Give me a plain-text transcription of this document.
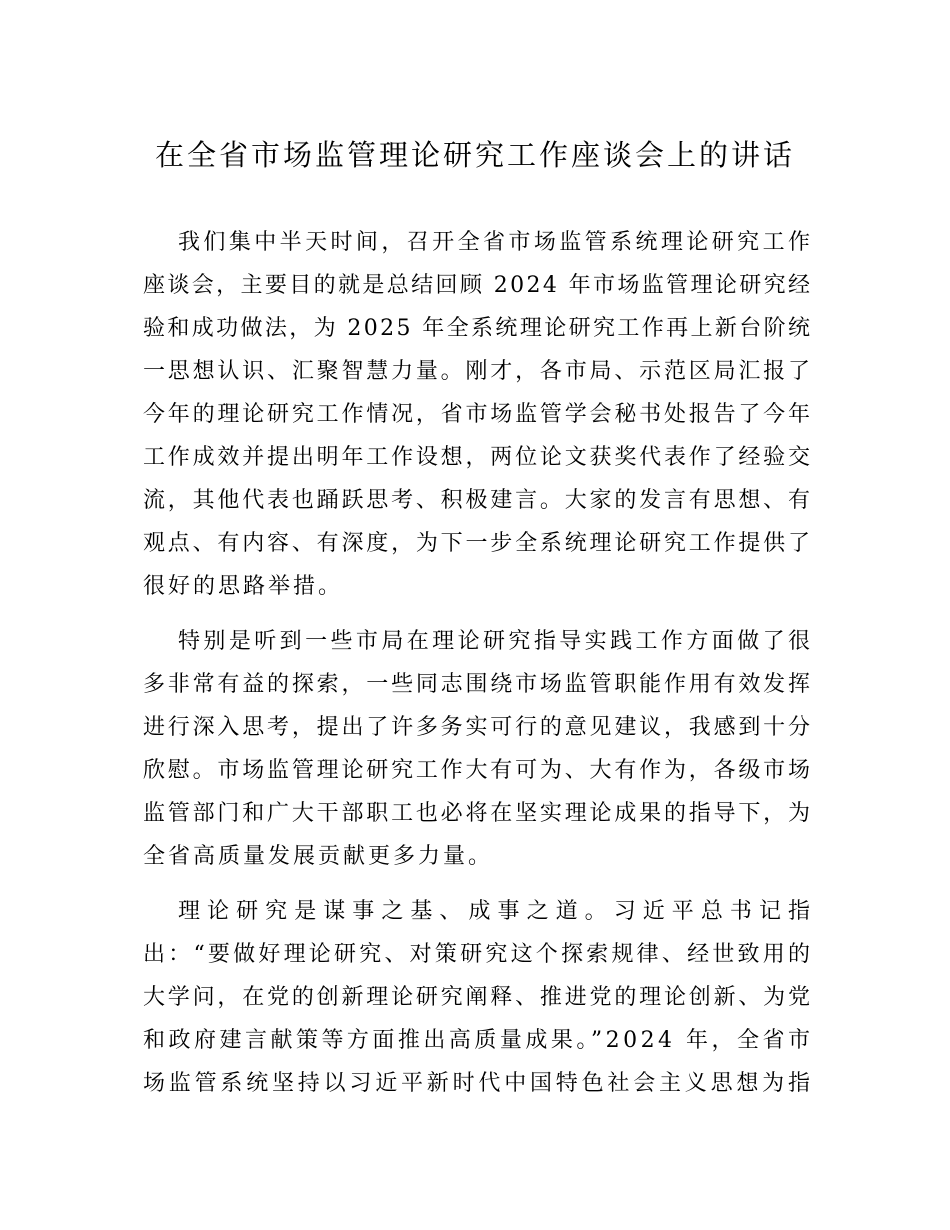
在全省市场监管理论研究工作座谈会上的讲话
我们集中半天时间，召开全省市场监管系统理论研究工作
座谈会，主要目的就是总结回顾 2024 年市场监管理论研究经
验和成功做法，为 2025 年全系统理论研究工作再上新台阶统
一思想认识、汇聚智慧力量。刚才，各市局、示范区局汇报了
今年的理论研究工作情况，省市场监管学会秘书处报告了今年
工作成效并提出明年工作设想，两位论文获奖代表作了经验交
流，其他代表也踊跃思考、积极建言。大家的发言有思想、有
观点、有内容、有深度，为下一步全系统理论研究工作提供了
很好的思路举措。
特别是听到一些市局在理论研究指导实践工作方面做了很
多非常有益的探索，一些同志围绕市场监管职能作用有效发挥
进行深入思考，提出了许多务实可行的意见建议，我感到十分
欣慰。市场监管理论研究工作大有可为、大有作为，各级市场
监管部门和广大干部职工也必将在坚实理论成果的指导下，为
全省高质量发展贡献更多力量。
理论研究是谋事之基、成事之道。习近平总书记指
出：“要做好理论研究、对策研究这个探索规律、经世致用的
大学问，在党的创新理论研究阐释、推进党的理论创新、为党
和政府建言献策等方面推出高质量成果。”2024 年，全省市
场监管系统坚持以习近平新时代中国特色社会主义思想为指
